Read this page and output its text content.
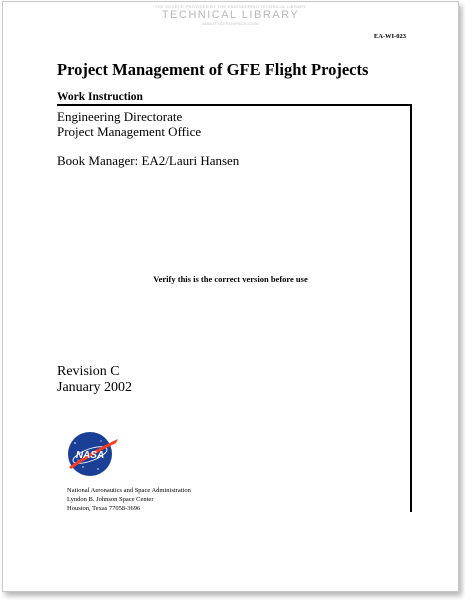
THE SOURCE PROVIDED BY THE ENGINEERING TECHNICAL LIBRARY
TECHNICAL LIBRARY
ABBOTTAEROSPACE.COM
EA-WI-023
Project Management of GFE Flight Projects
Work Instruction
Engineering Directorate
Project Management Office
Book Manager: EA2/Lauri Hansen
Verify this is the correct version before use
Revision C
January 2002
NASA
National Aeronautics and Space Administration
Lyndon B. Johnson Space Center
Houston, Texas 77058-3696
